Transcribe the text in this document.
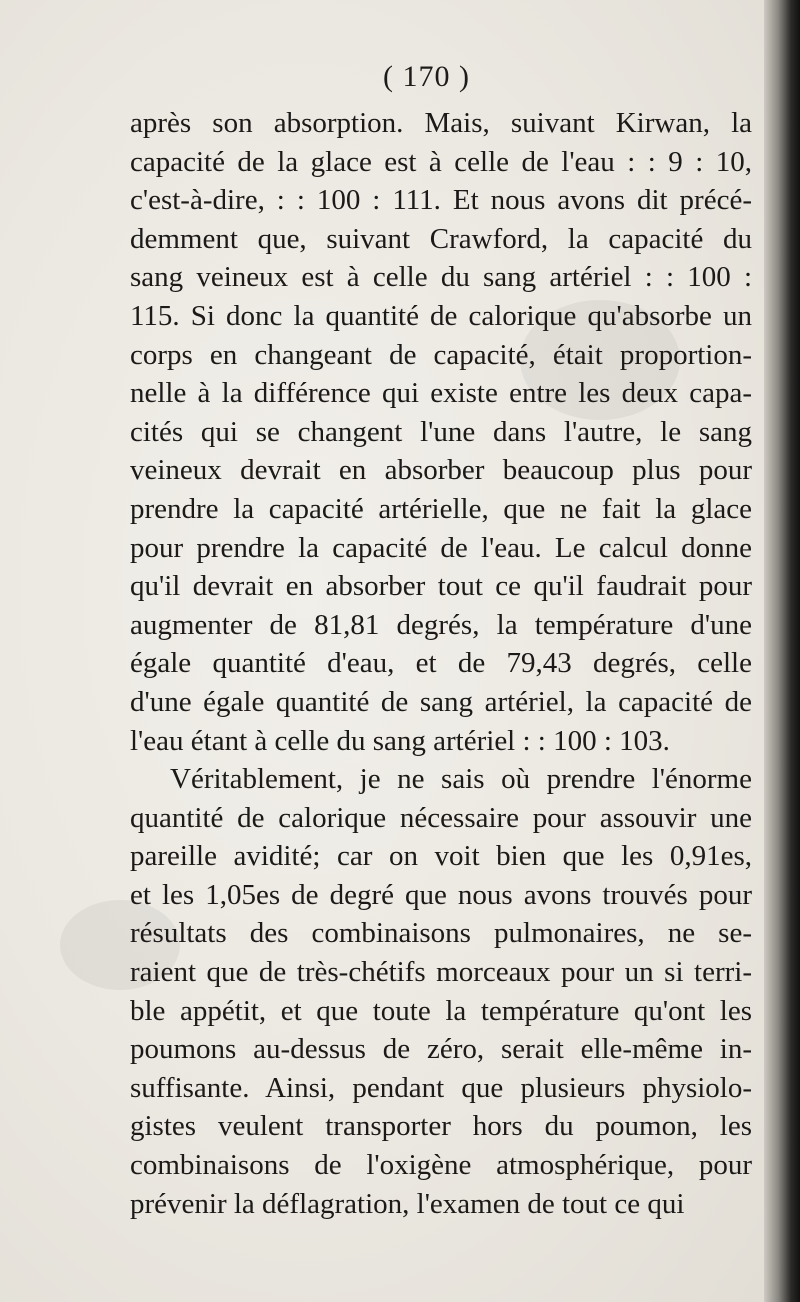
( 170 )
après son absorption. Mais, suivant Kirwan, la
capacité de la glace est à celle de l'eau : : 9 : 10,
c'est-à-dire, : : 100 : 111. Et nous avons dit précé-
demment que, suivant Crawford, la capacité du
sang veineux est à celle du sang artériel : : 100 :
115. Si donc la quantité de calorique qu'absorbe un
corps en changeant de capacité, était proportion-
nelle à la différence qui existe entre les deux capa-
cités qui se changent l'une dans l'autre, le sang
veineux devrait en absorber beaucoup plus pour
prendre la capacité artérielle, que ne fait la glace
pour prendre la capacité de l'eau. Le calcul donne
qu'il devrait en absorber tout ce qu'il faudrait pour
augmenter de 81,81 degrés, la température d'une
égale quantité d'eau, et de 79,43 degrés, celle
d'une égale quantité de sang artériel, la capacité de
l'eau étant à celle du sang artériel : : 100 : 103.
Véritablement, je ne sais où prendre l'énorme
quantité de calorique nécessaire pour assouvir une
pareille avidité; car on voit bien que les 0,91es,
et les 1,05es de degré que nous avons trouvés pour
résultats des combinaisons pulmonaires, ne se-
raient que de très-chétifs morceaux pour un si terri-
ble appétit, et que toute la température qu'ont les
poumons au-dessus de zéro, serait elle-même in-
suffisante. Ainsi, pendant que plusieurs physiolo-
gistes veulent transporter hors du poumon, les
combinaisons de l'oxigène atmosphérique, pour
prévenir la déflagration, l'examen de tout ce qui
